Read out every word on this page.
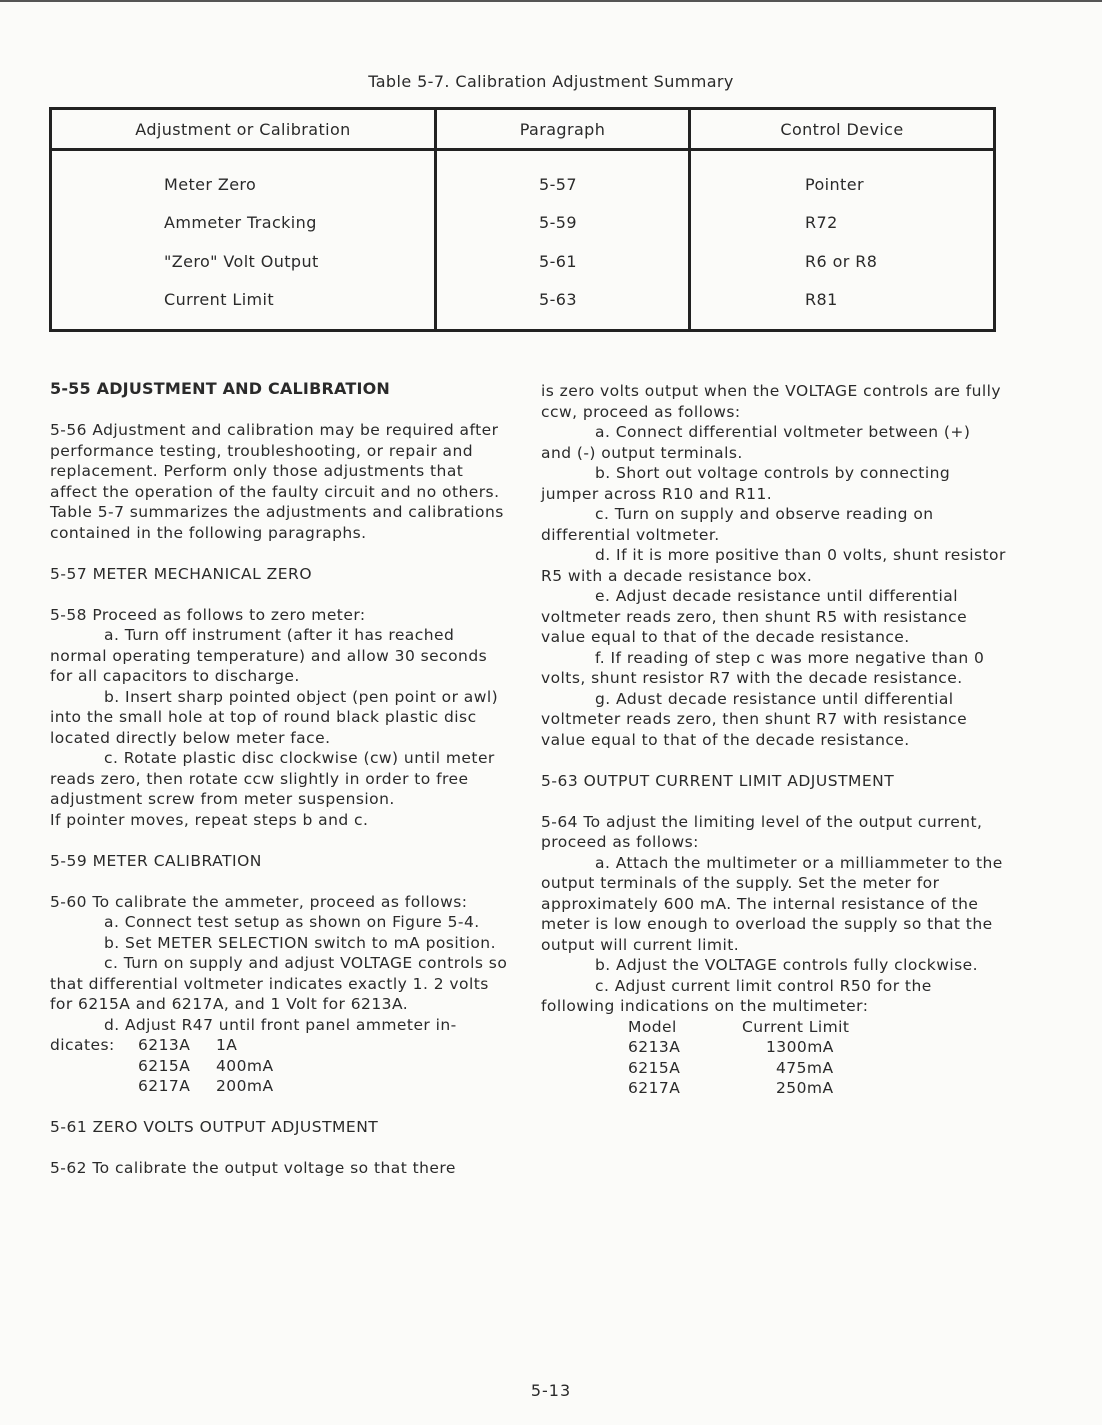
Table 5-7. Calibration Adjustment Summary
Adjustment or Calibration	Paragraph	Control Device
Meter Zero	5-57	Pointer
Ammeter Tracking	5-59	R72
"Zero" Volt Output	5-61	R6 or R8
Current Limit	5-63	R81
5-55 ADJUSTMENT AND CALIBRATION

5-56 Adjustment and calibration may be required after performance testing, troubleshooting, or repair and replacement. Perform only those adjustments that affect the operation of the faulty circuit and no others. Table 5-7 summarizes the adjustments and calibrations contained in the following paragraphs.

5-57 METER MECHANICAL ZERO

5-58 Proceed as follows to zero meter:

a. Turn off instrument (after it has reached normal operating temperature) and allow 30 seconds for all capacitors to discharge.

b. Insert sharp pointed object (pen point or awl) into the small hole at top of round black plastic disc located directly below meter face.

c. Rotate plastic disc clockwise (cw) until meter reads zero, then rotate ccw slightly in order to free adjustment screw from meter suspension.

If pointer moves, repeat steps b and c.

5-59 METER CALIBRATION

5-60 To calibrate the ammeter, proceed as follows:

a. Connect test setup as shown on Figure 5-4.

b. Set METER SELECTION switch to mA position.

c. Turn on supply and adjust VOLTAGE controls so that differential voltmeter indicates exactly 1. 2 volts for 6215A and 6217A, and 1 Volt for 6213A.

d. Adjust R47 until front panel ammeter in-

dicates:	6213A	1A
6215A	400mA
6217A	200mA

5-61 ZERO VOLTS OUTPUT ADJUSTMENT

5-62 To calibrate the output voltage so that there

is zero volts output when the VOLTAGE controls are fully ccw, proceed as follows:

a. Connect differential voltmeter between (+) and (-) output terminals.

b. Short out voltage controls by connecting jumper across R10 and R11.

c. Turn on supply and observe reading on differential voltmeter.

d. If it is more positive than 0 volts, shunt resistor R5 with a decade resistance box.

e. Adjust decade resistance until differential voltmeter reads zero, then shunt R5 with resistance value equal to that of the decade resistance.

f. If reading of step c was more negative than 0 volts, shunt resistor R7 with the decade resistance.

g. Adust decade resistance until differential voltmeter reads zero, then shunt R7 with resistance value equal to that of the decade resistance.

5-63 OUTPUT CURRENT LIMIT ADJUSTMENT

5-64 To adjust the limiting level of the output current, proceed as follows:

a. Attach the multimeter or a milliammeter to the output terminals of the supply. Set the meter for approximately 600 mA. The internal resistance of the meter is low enough to overload the supply so that the output will current limit.

b. Adjust the VOLTAGE controls fully clockwise.

c. Adjust current limit control R50 for the following indications on the multimeter:

Model	Current Limit
6213A	1300mA
6215A	475mA
6217A	250mA
5-13
